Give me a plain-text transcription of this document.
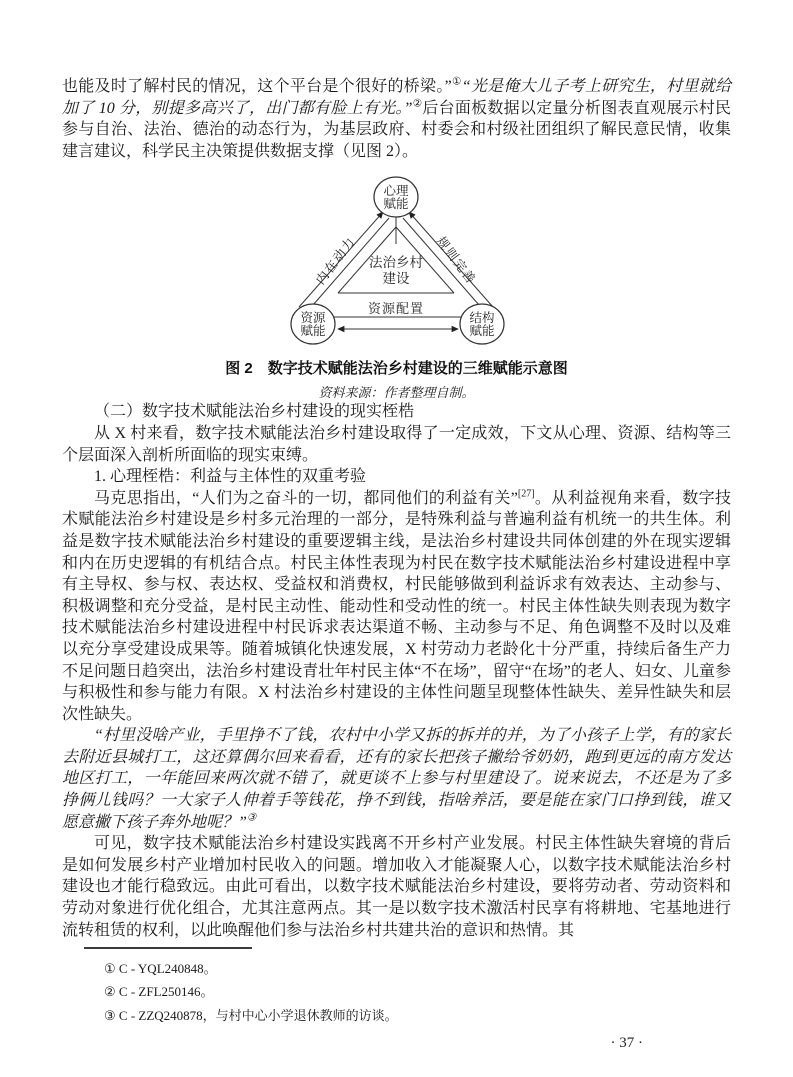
也能及时了解村民的情况，这个平台是个很好的桥梁。”①“光是俺大儿子考上研究生，村里就给加了 10 分，别提多高兴了，出门都有脸上有光。”②后台面板数据以定量分析图表直观展示村民参与自治、法治、德治的动态行为，为基层政府、村委会和村级社团组织了解民意民情，收集建言建议，科学民主决策提供数据支撑（见图 2）。

心理
赋能
资源
赋能
结构
赋能
法治乡村
建设
内在动力	规则完善
资源配置
图 2　数字技术赋能法治乡村建设的三维赋能示意图
资料来源：作者整理自制。

（二）数字技术赋能法治乡村建设的现实桎梏

从 X 村来看，数字技术赋能法治乡村建设取得了一定成效，下文从心理、资源、结构等三个层面深入剖析所面临的现实束缚。

1. 心理桎梏：利益与主体性的双重考验

马克思指出，“人们为之奋斗的一切，都同他们的利益有关”[27]。从利益视角来看，数字技术赋能法治乡村建设是乡村多元治理的一部分，是特殊利益与普遍利益有机统一的共生体。利益是数字技术赋能法治乡村建设的重要逻辑主线，是法治乡村建设共同体创建的外在现实逻辑和内在历史逻辑的有机结合点。村民主体性表现为村民在数字技术赋能法治乡村建设进程中享有主导权、参与权、表达权、受益权和消费权，村民能够做到利益诉求有效表达、主动参与、积极调整和充分受益，是村民主动性、能动性和受动性的统一。村民主体性缺失则表现为数字技术赋能法治乡村建设进程中村民诉求表达渠道不畅、主动参与不足、角色调整不及时以及难以充分享受建设成果等。随着城镇化快速发展，X 村劳动力老龄化十分严重，持续后备生产力不足问题日趋突出，法治乡村建设青壮年村民主体“不在场”，留守“在场”的老人、妇女、儿童参与积极性和参与能力有限。X 村法治乡村建设的主体性问题呈现整体性缺失、差异性缺失和层次性缺失。

“村里没啥产业，手里挣不了钱，农村中小学又拆的拆并的并，为了小孩子上学，有的家长去附近县城打工，这还算偶尔回来看看，还有的家长把孩子撇给爷奶奶，跑到更远的南方发达地区打工，一年能回来两次就不错了，就更谈不上参与村里建设了。说来说去，不还是为了多挣俩儿钱吗？一大家子人伸着手等钱花，挣不到钱，指啥养活，要是能在家门口挣到钱，谁又愿意撇下孩子奔外地呢？”③

可见，数字技术赋能法治乡村建设实践离不开乡村产业发展。村民主体性缺失窘境的背后是如何发展乡村产业增加村民收入的问题。增加收入才能凝聚人心，以数字技术赋能法治乡村建设也才能行稳致远。由此可看出，以数字技术赋能法治乡村建设，要将劳动者、劳动资料和劳动对象进行优化组合，尤其注意两点。其一是以数字技术激活村民享有将耕地、宅基地进行流转租赁的权利，以此唤醒他们参与法治乡村共建共治的意识和热情。其

① C - YQL240848。
② C - ZFL250146。
③ C - ZZQ240878，与村中心小学退休教师的访谈。
· 37 ·
